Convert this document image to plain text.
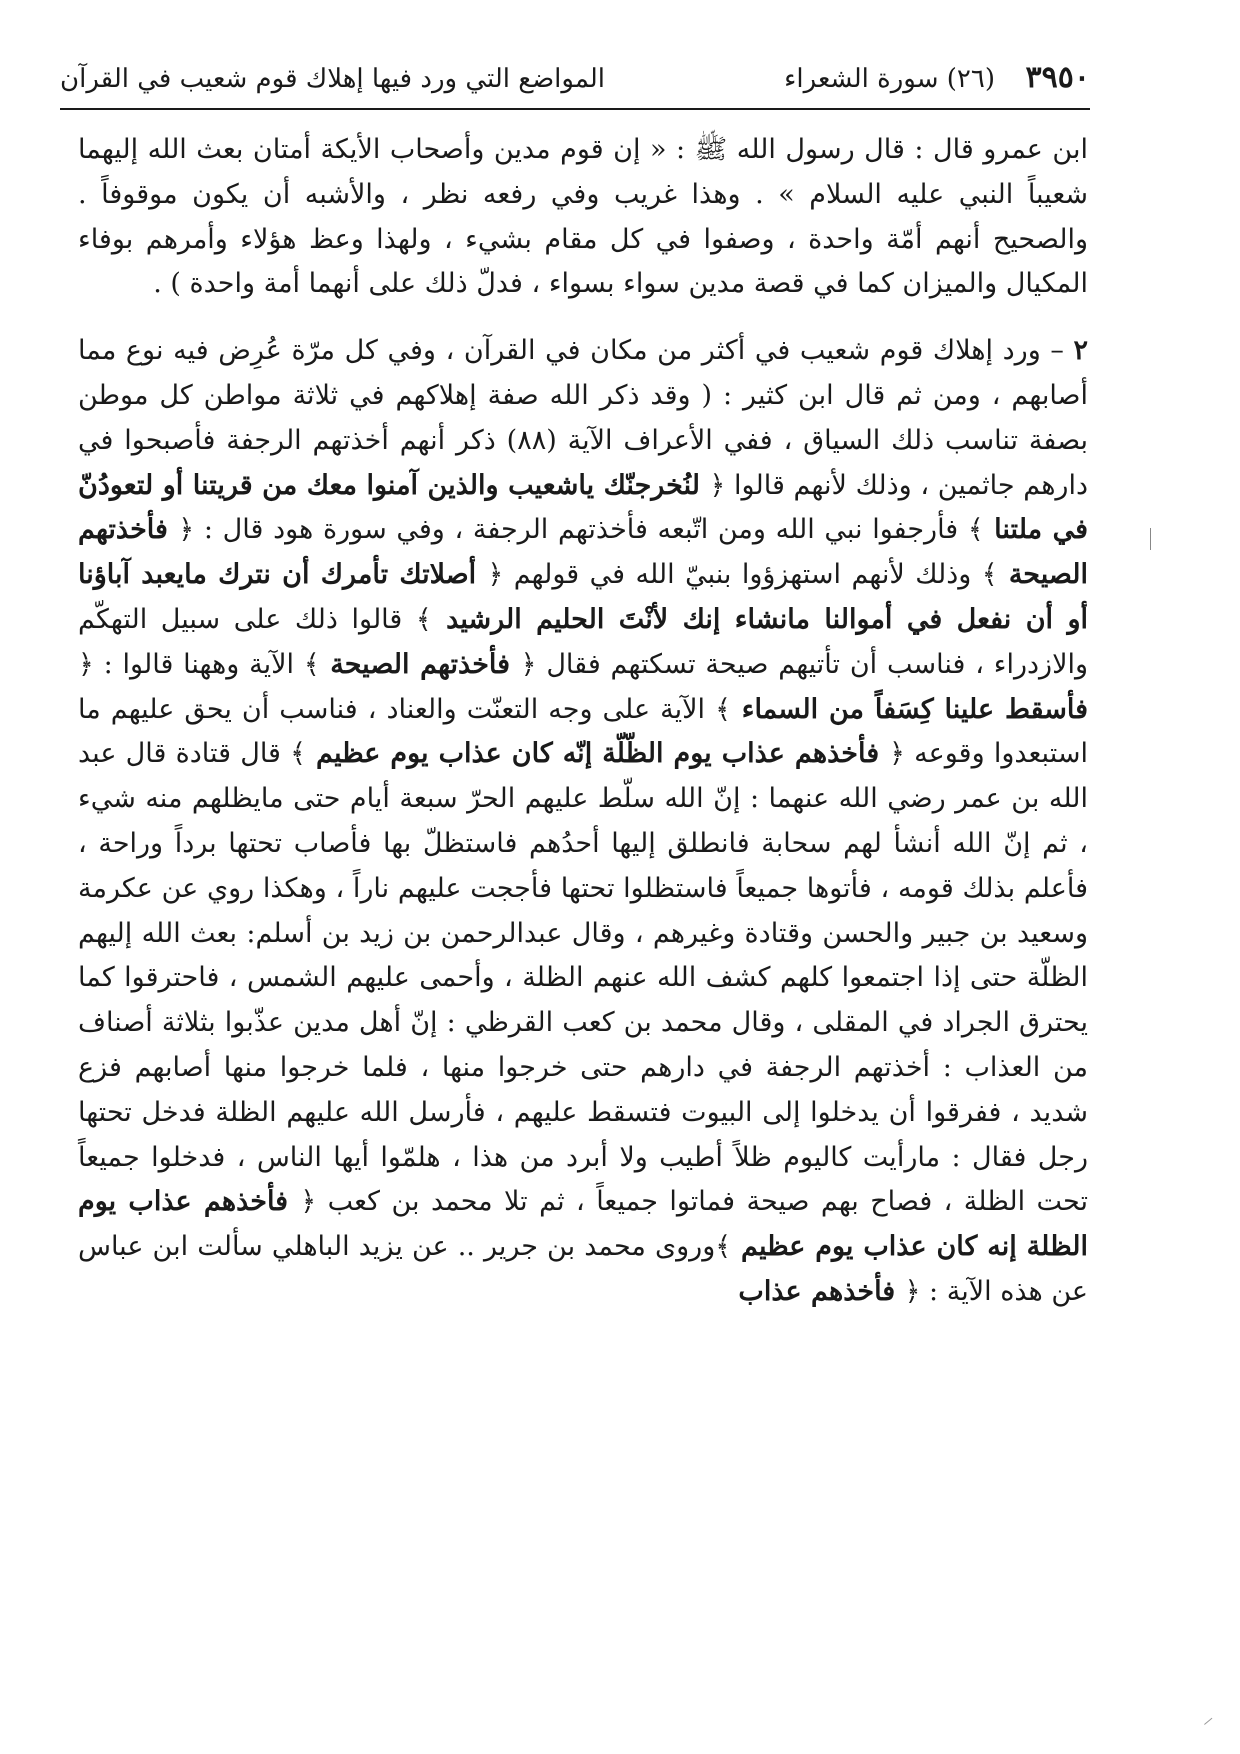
٣٩٥٠
(٢٦) سورة الشعراء
المواضع التي ورد فيها إهلاك قوم شعيب في القرآن

ابن عمرو قال : قال رسول الله ﷺ : « إن قوم مدين وأصحاب الأيكة أمتان بعث الله إليهما شعيباً النبي عليه السلام » . وهذا غريب وفي رفعه نظر ، والأشبه أن يكون موقوفاً . والصحيح أنهم أمّة واحدة ، وصفوا في كل مقام بشيء ، ولهذا وعظ هؤلاء وأمرهم بوفاء المكيال والميزان كما في قصة مدين سواء بسواء ، فدلّ ذلك على أنهما أمة واحدة ) .

٢ – ورد إهلاك قوم شعيب في أكثر من مكان في القرآن ، وفي كل مرّة عُرِض فيه نوع مما أصابهم ، ومن ثم قال ابن كثير : ( وقد ذكر الله صفة إهلاكهم في ثلاثة مواطن كل موطن بصفة تناسب ذلك السياق ، ففي الأعراف الآية (٨٨) ذكر أنهم أخذتهم الرجفة فأصبحوا في دارهم جاثمين ، وذلك لأنهم قالوا ﴿ لنُخرجنّك ياشعيب والذين آمنوا معك من قريتنا أو لتعودُنّ في ملتنا ﴾ فأرجفوا نبي الله ومن اتّبعه فأخذتهم الرجفة ، وفي سورة هود قال : ﴿ فأخذتهم الصيحة ﴾ وذلك لأنهم استهزؤوا بنبيّ الله في قولهم ﴿ أصلاتك تأمرك أن نترك مايعبد آباؤنا أو أن نفعل في أموالنا مانشاء إنك لأنْتَ الحليم الرشيد ﴾ قالوا ذلك على سبيل التهكّم والازدراء ، فناسب أن تأتيهم صيحة تسكتهم فقال ﴿ فأخذتهم الصيحة ﴾ الآية وههنا قالوا : ﴿ فأسقط علينا كِسَفاً من السماء ﴾ الآية على وجه التعنّت والعناد ، فناسب أن يحق عليهم ما استبعدوا وقوعه ﴿ فأخذهم عذاب يوم الظّلّة إنّه كان عذاب يوم عظيم ﴾ قال قتادة قال عبد الله بن عمر رضي الله عنهما : إنّ الله سلّط عليهم الحرّ سبعة أيام حتى مايظلهم منه شيء ، ثم إنّ الله أنشأ لهم سحابة فانطلق إليها أحدُهم فاستظلّ بها فأصاب تحتها برداً وراحة ، فأعلم بذلك قومه ، فأتوها جميعاً فاستظلوا تحتها فأججت عليهم ناراً ، وهكذا روي عن عكرمة وسعيد بن جبير والحسن وقتادة وغيرهم ، وقال عبدالرحمن بن زيد بن أسلم: بعث الله إليهم الظلّة حتى إذا اجتمعوا كلهم كشف الله عنهم الظلة ، وأحمى عليهم الشمس ، فاحترقوا كما يحترق الجراد في المقلى ، وقال محمد بن كعب القرظي : إنّ أهل مدين عذّبوا بثلاثة أصناف من العذاب : أخذتهم الرجفة في دارهم حتى خرجوا منها ، فلما خرجوا منها أصابهم فزع شديد ، ففرقوا أن يدخلوا إلى البيوت فتسقط عليهم ، فأرسل الله عليهم الظلة فدخل تحتها رجل فقال : مارأيت كاليوم ظلاً أطيب ولا أبرد من هذا ، هلمّوا أيها الناس ، فدخلوا جميعاً تحت الظلة ، فصاح بهم صيحة فماتوا جميعاً ، ثم تلا محمد بن كعب ﴿ فأخذهم عذاب يوم الظلة إنه كان عذاب يوم عظيم ﴾وروى محمد بن جرير .. عن يزيد الباهلي سألت ابن عباس عن هذه الآية : ﴿ فأخذهم عذاب
